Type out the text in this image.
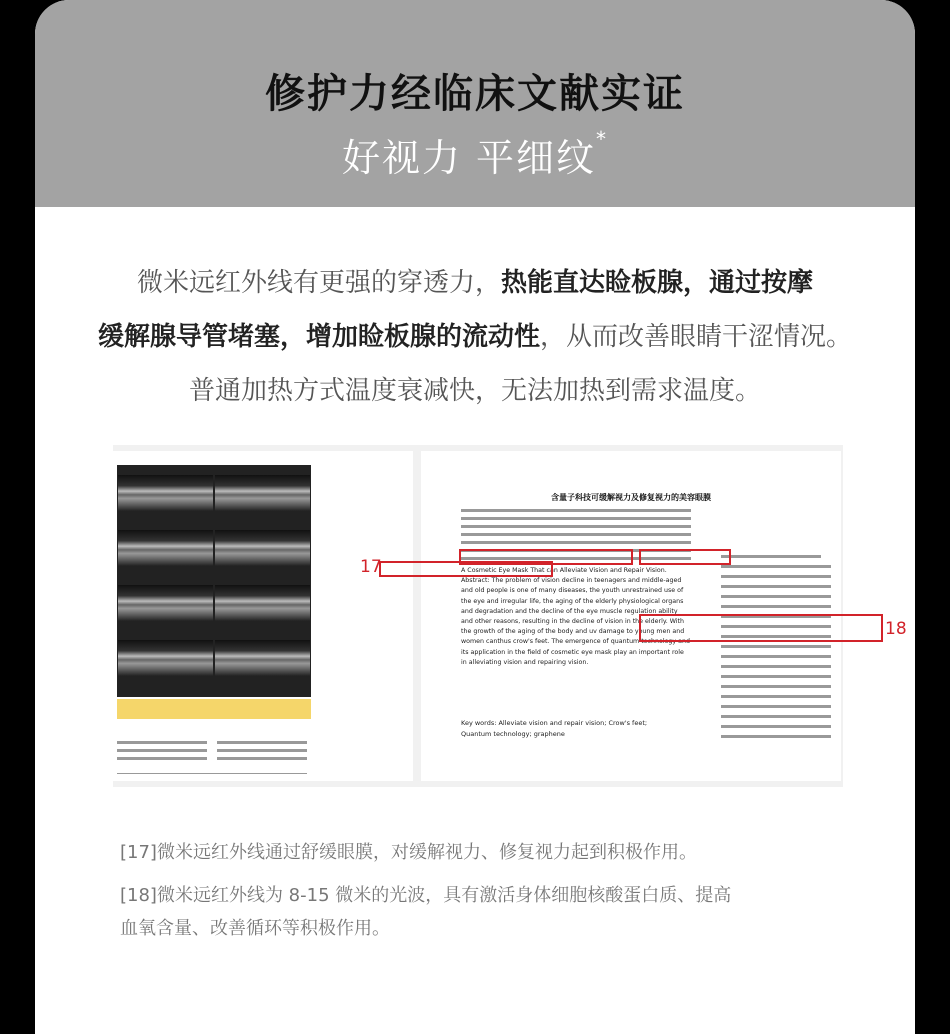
修护力经临床文献实证
好视力 平细纹*
微米远红外线有更强的穿透力，热能直达睑板腺，通过按摩
缓解腺导管堵塞，增加睑板腺的流动性，从而改善眼睛干涩情况。
普通加热方式温度衰减快，无法加热到需求温度。
含量子科技可缓解视力及修复视力的美容眼膜
A Cosmetic Eye Mask That can Alleviate Vision and Repair Vision. Abstract: The problem of vision decline in teenagers and middle-aged and old people is one of many diseases, the youth unrestrained use of the eye and irregular life, the aging of the elderly physiological organs and degradation and the decline of the eye muscle regulation ability and other reasons, resulting in the decline of vision in the elderly. With the growth of the aging of the body and uv damage to young men and women canthus crow's feet. The emergence of quantum technology and its application in the field of cosmetic eye mask play an important role in alleviating vision and repairing vision.
Key words: Alleviate vision and repair vision; Crow's feet;
Quantum technology; graphene
17
18

[17]微米远红外线通过舒缓眼膜，对缓解视力、修复视力起到积极作用。

[18]微米远红外线为 8-15 微米的光波，具有激活身体细胞核酸蛋白质、提高
血氧含量、改善循环等积极作用。
